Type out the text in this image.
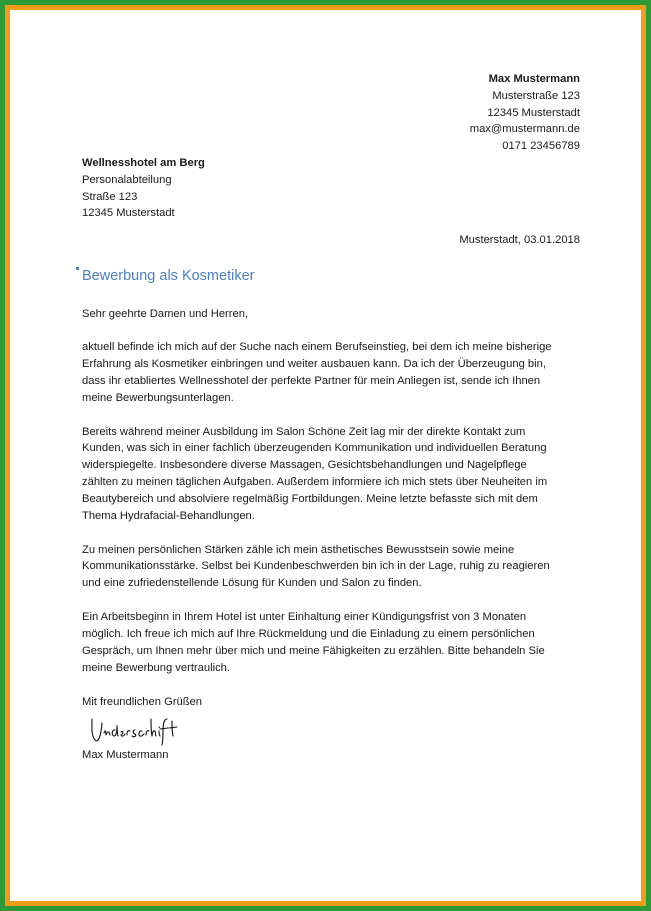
Max Mustermann
Musterstraße 123
12345 Musterstadt
max@mustermann.de
0171 23456789
Wellnesshotel am Berg
Personalabteilung
Straße 123
12345 Musterstadt
Musterstadt, 03.01.2018
Bewerbung als Kosmetiker

Sehr geehrte Damen und Herren,

aktuell befinde ich mich auf der Suche nach einem Berufseinstieg, bei dem ich meine bisherige
Erfahrung als Kosmetiker einbringen und weiter ausbauen kann. Da ich der Überzeugung bin,
dass ihr etabliertes Wellnesshotel der perfekte Partner für mein Anliegen ist, sende ich Ihnen
meine Bewerbungsunterlagen.

Bereits während meiner Ausbildung im Salon Schöne Zeit lag mir der direkte Kontakt zum
Kunden, was sich in einer fachlich überzeugenden Kommunikation und individuellen Beratung
widerspiegelte. Insbesondere diverse Massagen, Gesichtsbehandlungen und Nagelpflege
zählten zu meinen täglichen Aufgaben. Außerdem informiere ich mich stets über Neuheiten im
Beautybereich und absolviere regelmäßig Fortbildungen. Meine letzte befasste sich mit dem
Thema Hydrafacial-Behandlungen.

Zu meinen persönlichen Stärken zähle ich mein ästhetisches Bewusstsein sowie meine
Kommunikationsstärke. Selbst bei Kundenbeschwerden bin ich in der Lage, ruhig zu reagieren
und eine zufriedenstellende Lösung für Kunden und Salon zu finden.

Ein Arbeitsbeginn in Ihrem Hotel ist unter Einhaltung einer Kündigungsfrist von 3 Monaten
möglich. Ich freue ich mich auf Ihre Rückmeldung und die Einladung zu einem persönlichen
Gespräch, um Ihnen mehr über mich und meine Fähigkeiten zu erzählen. Bitte behandeln Sie
meine Bewerbung vertraulich.

Mit freundlichen Grüßen

Max Mustermann
